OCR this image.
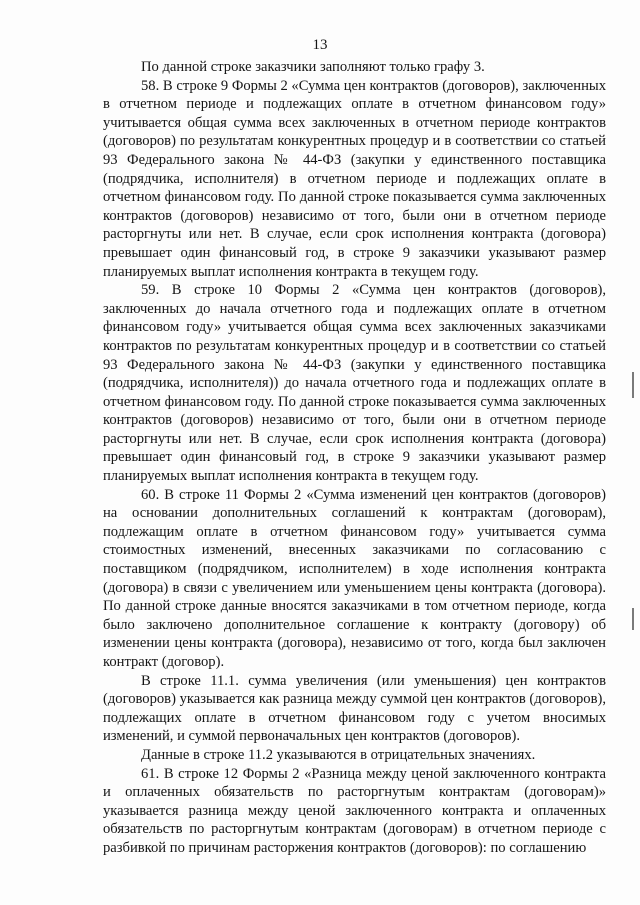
13

По данной строке заказчики заполняют только графу 3.

58. В строке 9 Формы 2 «Сумма цен контрактов (договоров), заключенных в отчетном периоде и подлежащих оплате в отчетном финансовом году» учитывается общая сумма всех заключенных в отчетном периоде контрактов (договоров) по результатам конкурентных процедур и в соответствии со статьей 93 Федерального закона № 44-ФЗ (закупки у единственного поставщика (подрядчика, исполнителя) в отчетном периоде и подлежащих оплате в отчетном финансовом году. По данной строке показывается сумма заключенных контрактов (договоров) независимо от того, были они в отчетном периоде расторгнуты или нет. В случае, если срок исполнения контракта (договора) превышает один финансовый год, в строке 9 заказчики указывают размер планируемых выплат исполнения контракта в текущем году.

59. В строке 10 Формы 2 «Сумма цен контрактов (договоров), заключенных до начала отчетного года и подлежащих оплате в отчетном финансовом году» учитывается общая сумма всех заключенных заказчиками контрактов по результатам конкурентных процедур и в соответствии со статьей 93 Федерального закона № 44-ФЗ (закупки у единственного поставщика (подрядчика, исполнителя)) до начала отчетного года и подлежащих оплате в отчетном финансовом году. По данной строке показывается сумма заключенных контрактов (договоров) независимо от того, были они в отчетном периоде расторгнуты или нет. В случае, если срок исполнения контракта (договора) превышает один финансовый год, в строке 9 заказчики указывают размер планируемых выплат исполнения контракта в текущем году.

60. В строке 11 Формы 2 «Сумма изменений цен контрактов (договоров) на основании дополнительных соглашений к контрактам (договорам), подлежащим оплате в отчетном финансовом году» учитывается сумма стоимостных изменений, внесенных заказчиками по согласованию с поставщиком (подрядчиком, исполнителем) в ходе исполнения контракта (договора) в связи с увеличением или уменьшением цены контракта (договора). По данной строке данные вносятся заказчиками в том отчетном периоде, когда было заключено дополнительное соглашение к контракту (договору) об изменении цены контракта (договора), независимо от того, когда был заключен контракт (договор).

В строке 11.1. сумма увеличения (или уменьшения) цен контрактов (договоров) указывается как разница между суммой цен контрактов (договоров), подлежащих оплате в отчетном финансовом году с учетом вносимых изменений, и суммой первоначальных цен контрактов (договоров).

Данные в строке 11.2 указываются в отрицательных значениях.

61. В строке 12 Формы 2 «Разница между ценой заключенного контракта и оплаченных обязательств по расторгнутым контрактам (договорам)» указывается разница между ценой заключенного контракта и оплаченных обязательств по расторгнутым контрактам (договорам) в отчетном периоде с разбивкой по причинам расторжения контрактов (договоров): по соглашению
